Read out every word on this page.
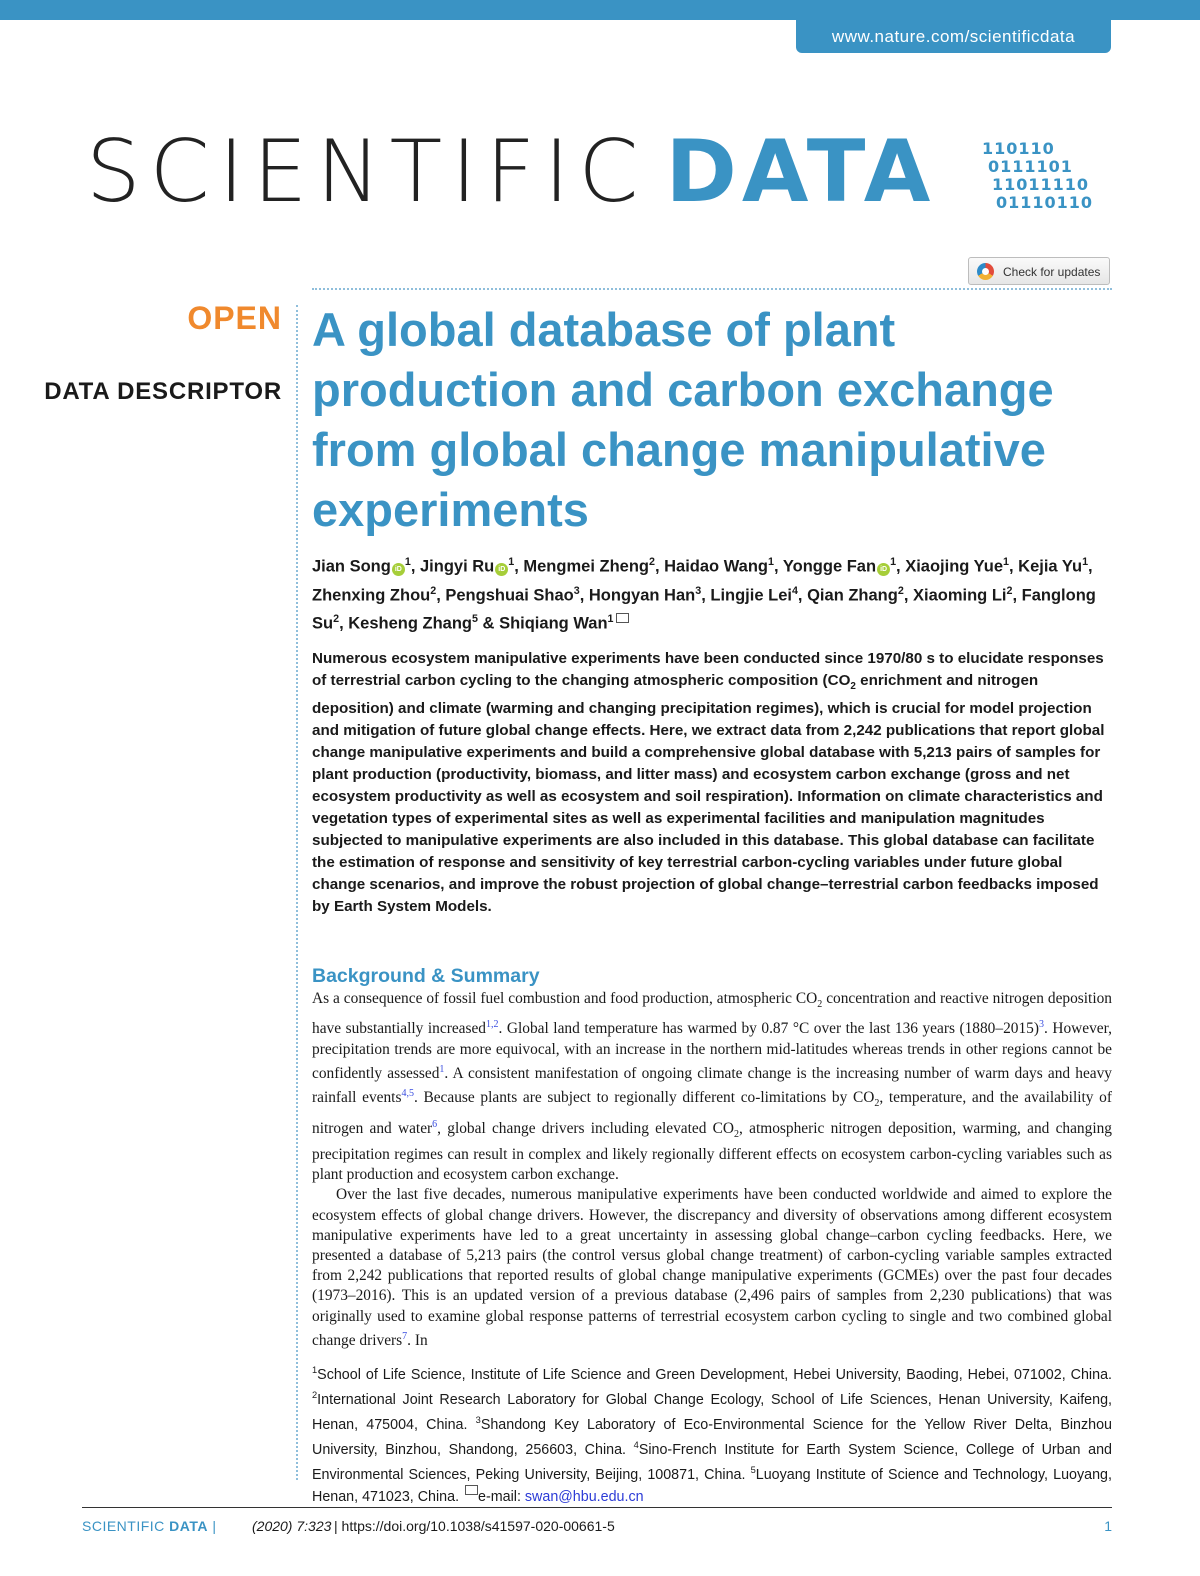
www.nature.com/scientificdata
SCIENTIFIC DATA	110110
0111101
11011110
01110110
Check for updates
OPEN
DATA DESCRIPTOR
A global database of plant production and carbon exchange from global change manipulative experiments

Jian Song $iD^1$, Jingyi Ru $iD^1$, Mengmei Zheng$^2$, Haidao Wang$^1$, Yongge Fan $iD^1$, Xiaojing Yue$^1$, Kejia Yu$^1$, Zhenxing Zhou$^2$, Pengshuai Shao$^3$, Hongyan Han$^3$, Lingjie Lei$^4$, Qian Zhang$^2$, Xiaoming Li$^2$, Fanglong Su$^2$, Kesheng Zhang$^5$ & Shiqiang Wan$^1$

Numerous ecosystem manipulative experiments have been conducted since 1970/80 s to elucidate responses of terrestrial carbon cycling to the changing atmospheric composition ($CO_2$ enrichment and nitrogen deposition) and climate (warming and changing precipitation regimes), which is crucial for model projection and mitigation of future global change effects. Here, we extract data from 2,242 publications that report global change manipulative experiments and build a comprehensive global database with 5,213 pairs of samples for plant production (productivity, biomass, and litter mass) and ecosystem carbon exchange (gross and net ecosystem productivity as well as ecosystem and soil respiration). Information on climate characteristics and vegetation types of experimental sites as well as experimental facilities and manipulation magnitudes subjected to manipulative experiments are also included in this database. This global database can facilitate the estimation of response and sensitivity of key terrestrial carbon-cycling variables under future global change scenarios, and improve the robust projection of global change–terrestrial carbon feedbacks imposed by Earth System Models.

Background & Summary

As a consequence of fossil fuel combustion and food production, atmospheric $CO_2$ concentration and reactive nitrogen deposition have substantially increased$^{1,2}$. Global land temperature has warmed by 0.87 °C over the last 136 years (1880–2015)$^3$. However, precipitation trends are more equivocal, with an increase in the northern mid-latitudes whereas trends in other regions cannot be confidently assessed$^1$. A consistent manifestation of ongoing climate change is the increasing number of warm days and heavy rainfall events$^{4,5}$. Because plants are subject to regionally different co-limitations by $CO_2$, temperature, and the availability of nitrogen and water$^6$, global change drivers including elevated $CO_2$, atmospheric nitrogen deposition, warming, and changing precipitation regimes can result in complex and likely regionally different effects on ecosystem carbon-cycling variables such as plant production and ecosystem carbon exchange.

Over the last five decades, numerous manipulative experiments have been conducted worldwide and aimed to explore the ecosystem effects of global change drivers. However, the discrepancy and diversity of observations among different ecosystem manipulative experiments have led to a great uncertainty in assessing global change–carbon cycling feedbacks. Here, we presented a database of 5,213 pairs (the control versus global change treatment) of carbon-cycling variable samples extracted from 2,242 publications that reported results of global change manipulative experiments (GCMEs) over the past four decades (1973–2016). This is an updated version of a previous database (2,496 pairs of samples from 2,230 publications) that was originally used to examine global response patterns of terrestrial ecosystem carbon cycling to single and two combined global change drivers$^7$. In

$^1$School of Life Science, Institute of Life Science and Green Development, Hebei University, Baoding, Hebei, 071002, China. $^2$International Joint Research Laboratory for Global Change Ecology, School of Life Sciences, Henan University, Kaifeng, Henan, 475004, China. $^3$Shandong Key Laboratory of Eco-Environmental Science for the Yellow River Delta, Binzhou University, Binzhou, Shandong, 256603, China. $^4$Sino-French Institute for Earth System Science, College of Urban and Environmental Sciences, Peking University, Beijing, 100871, China. $^5$Luoyang Institute of Science and Technology, Luoyang, Henan, 471023, China. e-mail: swan@hbu.edu.cn

SCIENTIFIC DATA |	(2020) 7:323 | https://doi.org/10.1038/s41597-020-00661-5	1
